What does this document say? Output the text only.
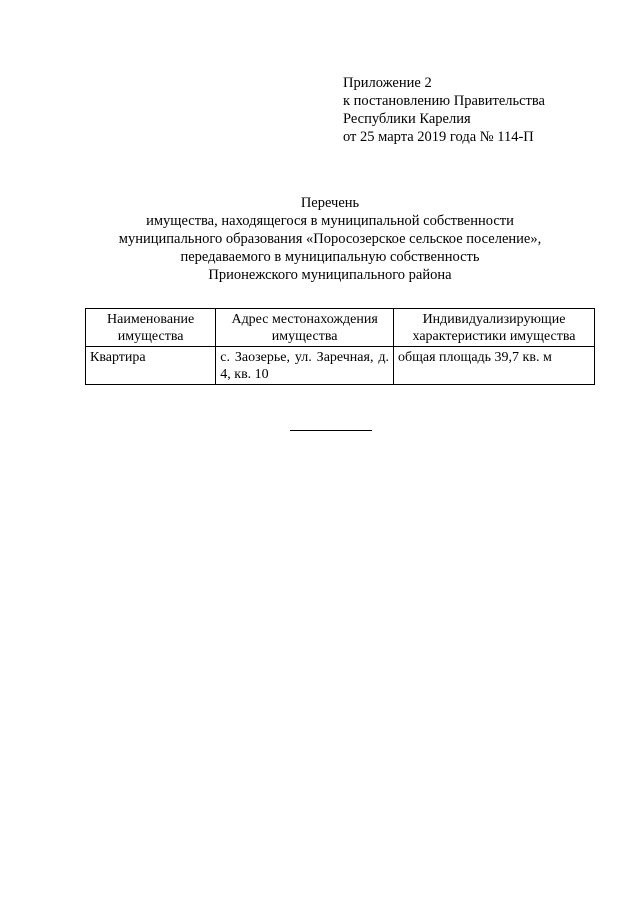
Приложение 2
к постановлению Правительства
Республики Карелия
от 25 марта 2019 года № 114-П
Перечень
имущества, находящегося в муниципальной собственности
муниципального образования «Поросозерское сельское поселение»,
передаваемого в муниципальную собственность
Прионежского муниципального района
Наименование имущества	Адрес местонахождения имущества	Индивидуализирующие характеристики имущества
Квартира	с. Заозерье, ул. Заречная, д. 4, кв. 10	общая площадь 39,7 кв. м
